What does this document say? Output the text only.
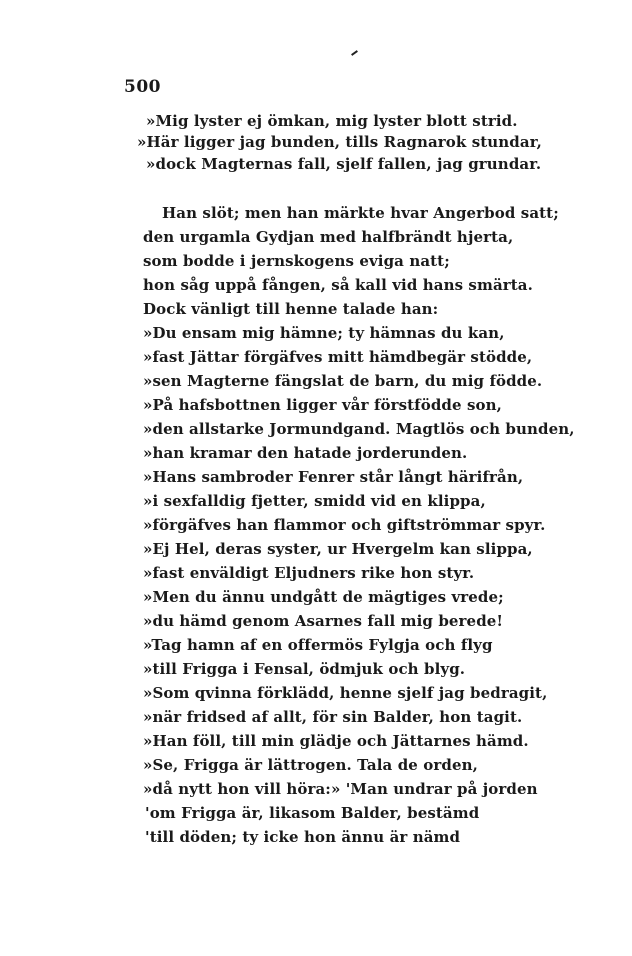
500
»Mig lyster ej ömkan, mig lyster blott strid.
»Här ligger jag bunden, tills Ragnarok stundar,
»dock Magternas fall, sjelf fallen, jag grundar.
Han slöt; men han märkte hvar Angerbod satt;
den urgamla Gydjan med halfbrändt hjerta,
som bodde i jernskogens eviga natt;
hon såg uppå fången, så kall vid hans smärta.
Dock vänligt till henne talade han:
»Du ensam mig hämne; ty hämnas du kan,
»fast Jättar förgäfves mitt hämdbegär stödde,
»sen Magterne fängslat de barn, du mig födde.
»På hafsbottnen ligger vår förstfödde son,
»den allstarke Jormundgand. Magtlös och bunden,
»han kramar den hatade jorderunden.
»Hans sambroder Fenrer står långt härifrån,
»i sexfalldig fjetter, smidd vid en klippa,
»förgäfves han flammor och giftströmmar spyr.
»Ej Hel, deras syster, ur Hvergelm kan slippa,
»fast enväldigt Eljudners rike hon styr.
»Men du ännu undgått de mägtiges vrede;
»du hämd genom Asarnes fall mig berede!
»Tag hamn af en offermös Fylgja och flyg
»till Frigga i Fensal, ödmjuk och blyg.
»Som qvinna förklädd, henne sjelf jag bedragit,
»när fridsed af allt, för sin Balder, hon tagit.
»Han föll, till min glädje och Jättarnes hämd.
»Se, Frigga är lättrogen. Tala de orden,
»då nytt hon vill höra:» 'Man undrar på jorden
'om Frigga är, likasom Balder, bestämd
'till döden; ty icke hon ännu är nämd
